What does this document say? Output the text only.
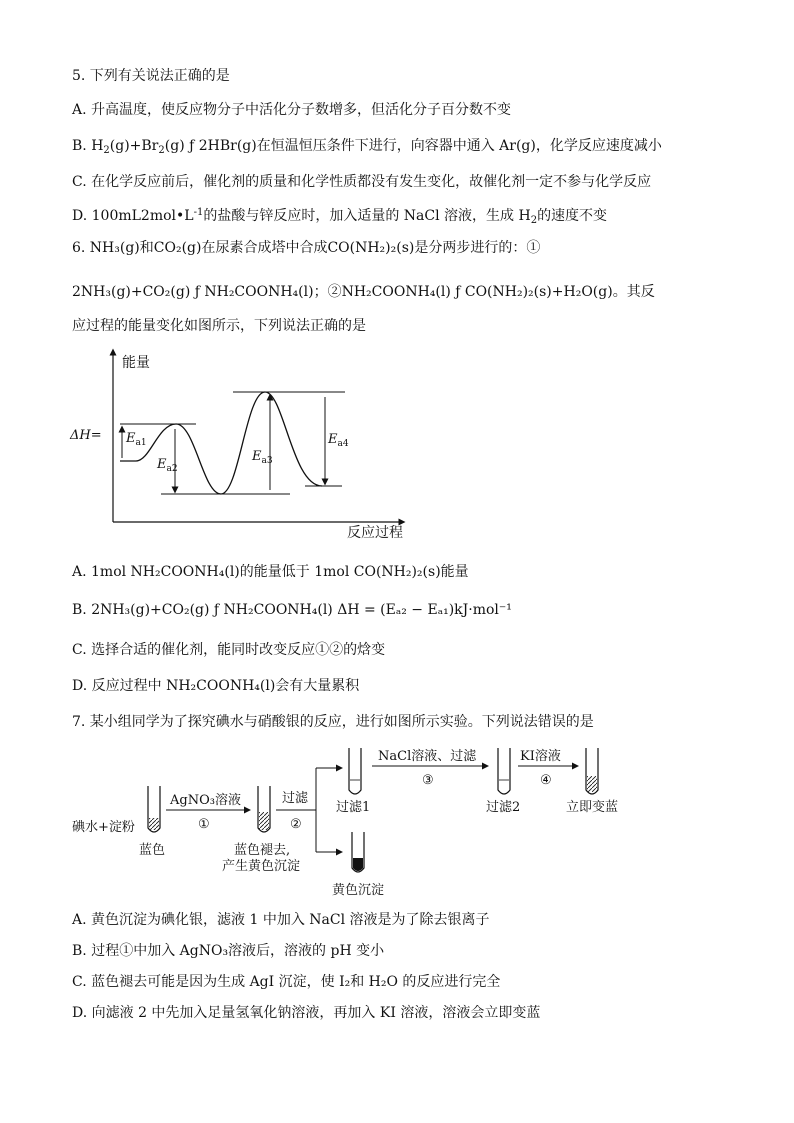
5. 下列有关说法正确的是
A. 升高温度，使反应物分子中活化分子数增多，但活化分子百分数不变
B. $H_2(g)+Br_2(g)$ ƒ 2HBr(g)在恒温恒压条件下进行，向容器中通入 Ar(g)，化学反应速度减小
C. 在化学反应前后，催化剂的质量和化学性质都没有发生变化，故催化剂一定不参与化学反应
D. $100mL2mol•L^{-1}$的盐酸与锌反应时，加入适量的 NaCl 溶液，生成 $H_2$的速度不变
6. NH₃(g)和CO₂(g)在尿素合成塔中合成CO(NH₂)₂(s)是分两步进行的：①
2NH₃(g)+CO₂(g) ƒ NH₂COONH₄(l)；②NH₂COONH₄(l) ƒ CO(NH₂)₂(s)+H₂O(g)。其反
应过程的能量变化如图所示，下列说法正确的是
能量
反应过程
$\Delta H= E_{a1}$
$E_{a2}$
$E_{a3}$
$E_{a4}$
A. 1mol NH₂COONH₄(l)的能量低于 1mol CO(NH₂)₂(s)能量
B. 2NH₃(g)+CO₂(g) ƒ NH₂COONH₄(l) ΔH = (Eₐ₂ − Eₐ₁)kJ·mol⁻¹
C. 选择合适的催化剂，能同时改变反应①②的焓变
D. 反应过程中 NH₂COONH₄(l)会有大量累积
7. 某小组同学为了探究碘水与硝酸银的反应，进行如图所示实验。下列说法错误的是
碘水+淀粉
蓝色
AgNO₃溶液
①
蓝色褪去,
产生黄色沉淀
过滤
②
过滤1
黄色沉淀
NaCl溶液、过滤
③
过滤2
KI溶液
④
立即变蓝
A. 黄色沉淀为碘化银，滤液 1 中加入 NaCl 溶液是为了除去银离子
B. 过程①中加入 AgNO₃溶液后，溶液的 pH 变小
C. 蓝色褪去可能是因为生成 AgI 沉淀，使 I₂和 H₂O 的反应进行完全
D. 向滤液 2 中先加入足量氢氧化钠溶液，再加入 KI 溶液，溶液会立即变蓝
